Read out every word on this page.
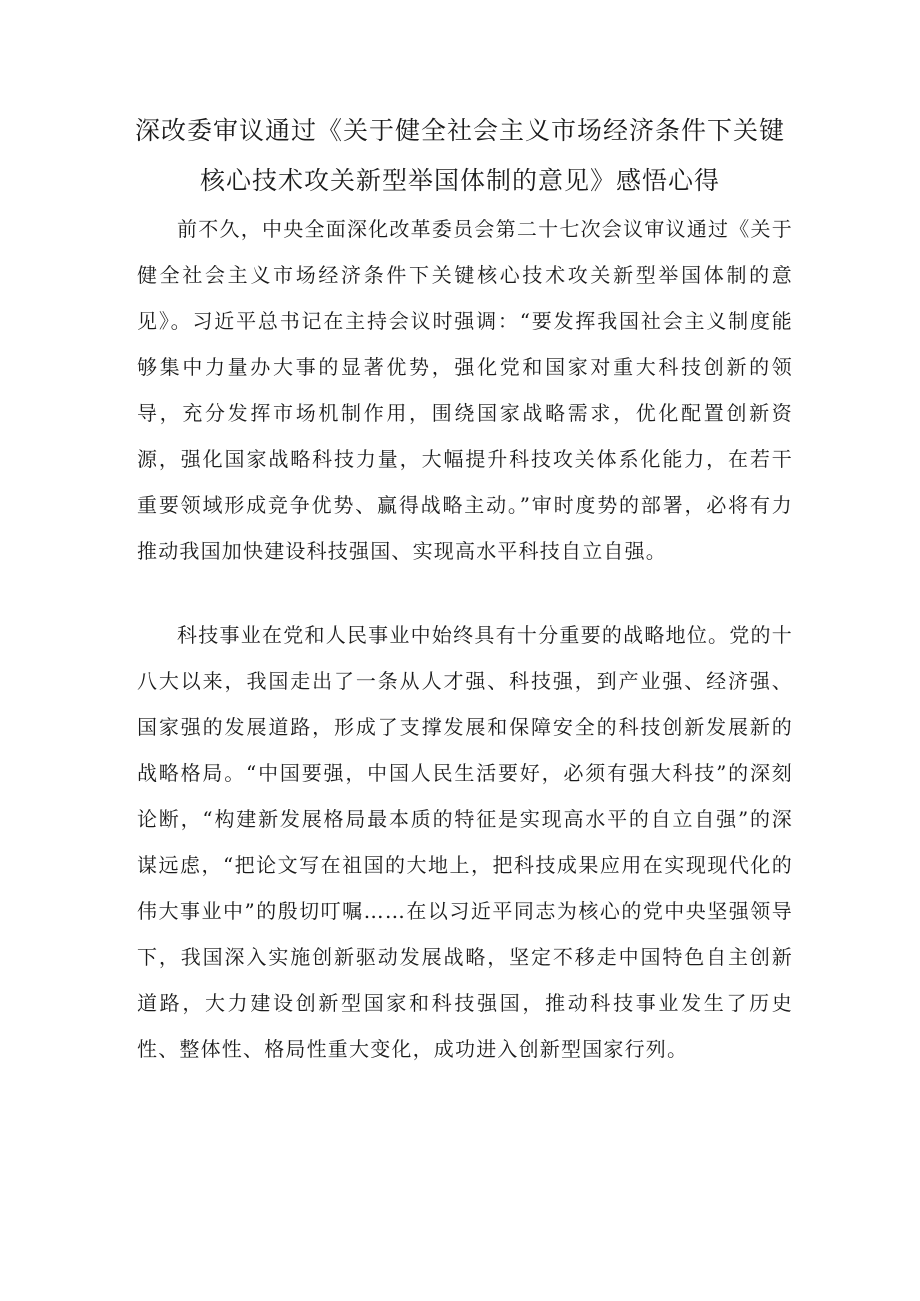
深改委审议通过《关于健全社会主义市场经济条件下关键
核心技术攻关新型举国体制的意见》感悟心得

前不久，中央全面深化改革委员会第二十七次会议审议通过《关于健全社会主义市场经济条件下关键核心技术攻关新型举国体制的意见》。习近平总书记在主持会议时强调：“要发挥我国社会主义制度能够集中力量办大事的显著优势，强化党和国家对重大科技创新的领导，充分发挥市场机制作用，围绕国家战略需求，优化配置创新资源，强化国家战略科技力量，大幅提升科技攻关体系化能力，在若干重要领域形成竞争优势、赢得战略主动。”审时度势的部署，必将有力推动我国加快建设科技强国、实现高水平科技自立自强。

科技事业在党和人民事业中始终具有十分重要的战略地位。党的十八大以来，我国走出了一条从人才强、科技强，到产业强、经济强、国家强的发展道路，形成了支撑发展和保障安全的科技创新发展新的战略格局。“中国要强，中国人民生活要好，必须有强大科技”的深刻论断，“构建新发展格局最本质的特征是实现高水平的自立自强”的深谋远虑，“把论文写在祖国的大地上，把科技成果应用在实现现代化的伟大事业中”的殷切叮嘱……在以习近平同志为核心的党中央坚强领导下，我国深入实施创新驱动发展战略，坚定不移走中国特色自主创新道路，大力建设创新型国家和科技强国，推动科技事业发生了历史性、整体性、格局性重大变化，成功进入创新型国家行列。
